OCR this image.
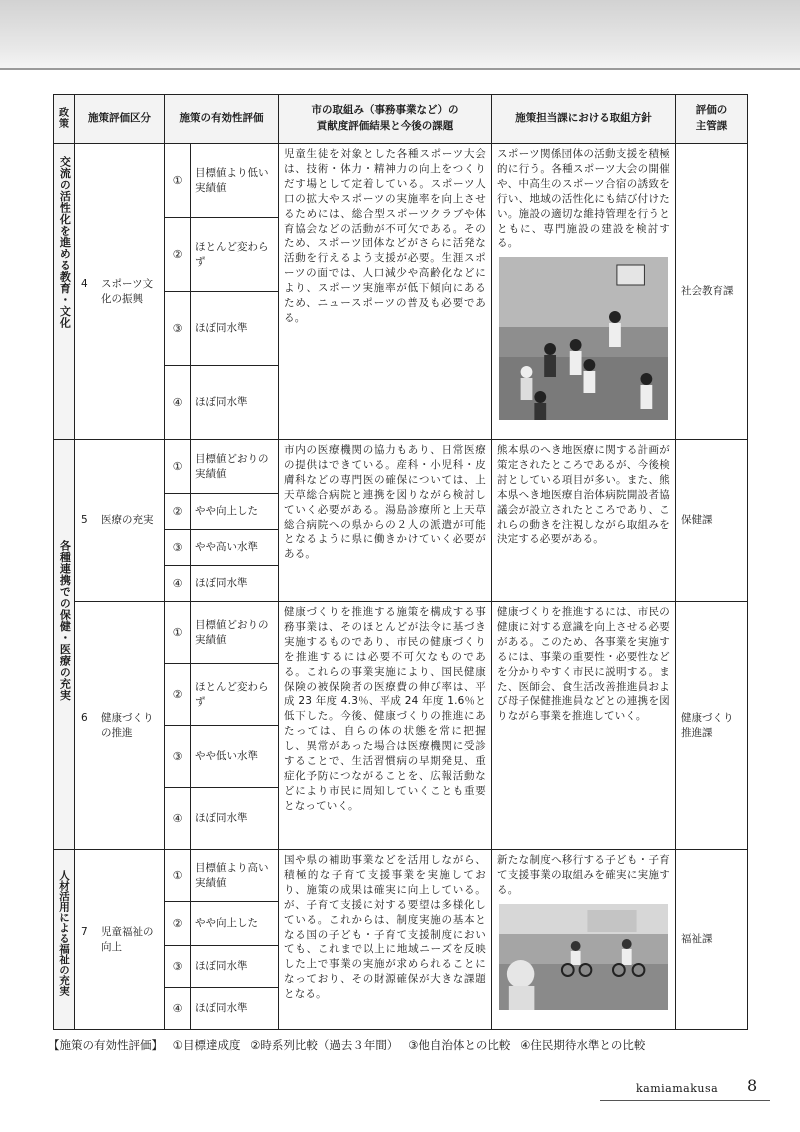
政策	施策評価区分	施策の有効性評価		市の取組み（事務事業など）の
貢献度評価結果と今後の課題	施策担当課における取組方針	評価の
主管課

交流の活性化を進める教育・文化	4 スポーツ文化の振興	①	目標値より低い実績値	児童生徒を対象とした各種スポーツ大会は、技術・体力・精神力の向上をつくりだす場として定着している。スポーツ人口の拡大やスポーツの実施率を向上させるためには、総合型スポーツクラブや体育協会などの活動が不可欠である。そのため、スポーツ団体などがさらに活発な活動を行えるよう支援が必要。生涯スポーツの面では、人口減少や高齢化などにより、スポーツ実施率が低下傾向にあるため、ニュースポーツの普及も必要である。	スポーツ関係団体の活動支援を積極的に行う。各種スポーツ大会の開催や、中高生のスポーツ合宿の誘致を行い、地域の活性化にも結び付けたい。施設の適切な維持管理を行うとともに、専門施設の建設を検討する。	社会教育課
		②	ほとんど変わらず			
		③	ほぼ同水準			
		④	ほぼ同水準			

各種連携での保健・医療の充実	5 医療の充実	①	目標値どおりの実績値	市内の医療機関の協力もあり、日常医療の提供はできている。産科・小児科・皮膚科などの専門医の確保については、上天草総合病院と連携を図りながら検討していく必要がある。湯島診療所と上天草総合病院への県からの２人の派遣が可能となるように県に働きかけていく必要がある。	熊本県のへき地医療に関する計画が策定されたところであるが、今後検討としている項目が多い。また、熊本県へき地医療自治体病院開設者協議会が設立されたところであり、これらの動きを注視しながら取組みを決定する必要がある。	保健課
		②	やや向上した			
		③	やや高い水準			
		④	ほぼ同水準			

	6 健康づくりの推進	①	目標値どおりの実績値	健康づくりを推進する施策を構成する事務事業は、そのほとんどが法令に基づき実施するものであり、市民の健康づくりを推進するには必要不可欠なものである。これらの事業実施により、国民健康保険の被保険者の医療費の伸び率は、平成 23 年度 4.3％、平成 24 年度 1.6％と低下した。今後、健康づくりの推進にあたっては、自らの体の状態を常に把握し、異常があった場合は医療機関に受診することで、生活習慣病の早期発見、重症化予防につながることを、広報活動などにより市民に周知していくことも重要となっていく。	健康づくりを推進するには、市民の健康に対する意識を向上させる必要がある。このため、各事業を実施するには、事業の重要性・必要性などを分かりやすく市民に説明する。また、医師会、食生活改善推進員および母子保健推進員などとの連携を図りながら事業を推進していく。	健康づくり推進課
		②	ほとんど変わらず			
		③	やや低い水準			
		④	ほぼ同水準			

人材活用による福祉の充実	7 児童福祉の向上	①	目標値より高い実績値	国や県の補助事業などを活用しながら、積極的な子育て支援事業を実施しており、施策の成果は確実に向上している。が、子育て支援に対する要望は多様化している。これからは、制度実施の基本となる国の子ども・子育て支援制度においても、これまで以上に地域ニーズを反映した上で事業の実施が求められることになっており、その財源確保が大きな課題となる。	新たな制度へ移行する子ども・子育て支援事業の取組みを確実に実施する。	福祉課
		②	やや向上した			
		③	ほぼ同水準			
		④	ほぼ同水準			
【施策の有効性評価】 ①目標達成度 ②時系列比較（過去３年間） ③他自治体との比較 ④住民期待水準との比較
kamiamakusa 8
